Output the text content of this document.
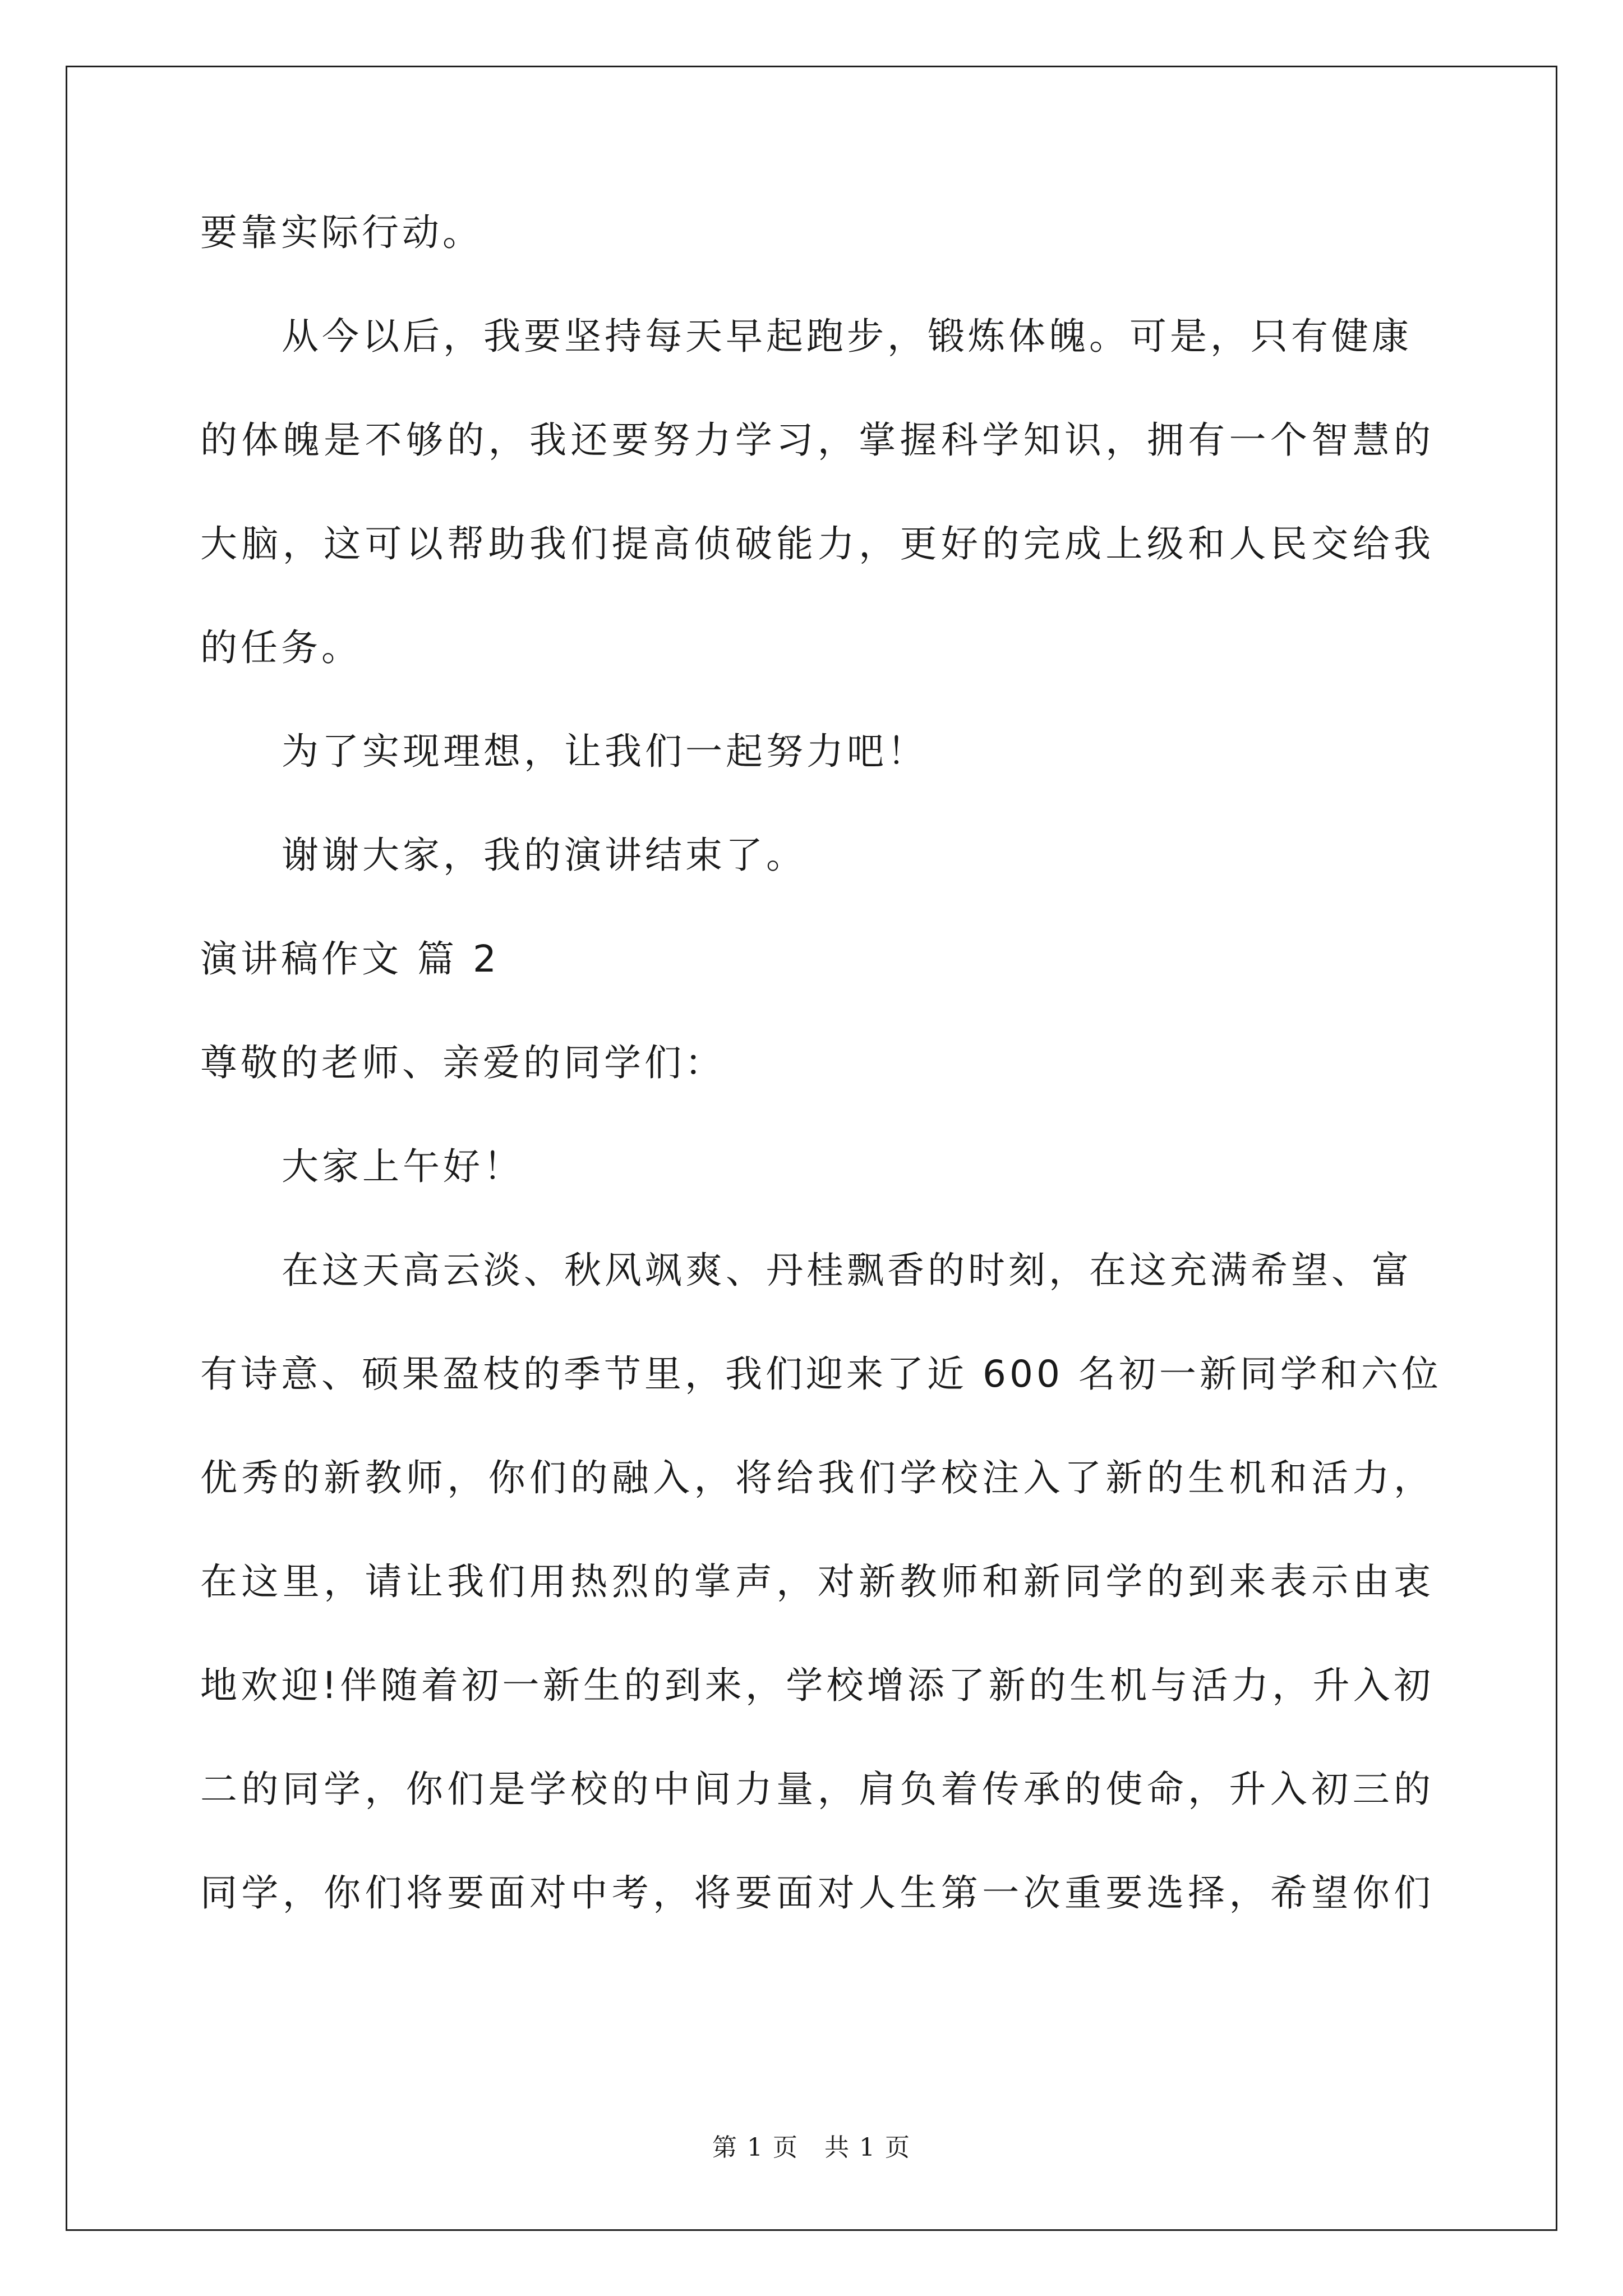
要靠实际行动。
从今以后，我要坚持每天早起跑步，锻炼体魄。可是，只有健康
的体魄是不够的，我还要努力学习，掌握科学知识，拥有一个智慧的
大脑，这可以帮助我们提高侦破能力，更好的完成上级和人民交给我
的任务。
为了实现理想，让我们一起努力吧！
谢谢大家，我的演讲结束了。
演讲稿作文 篇 2
尊敬的老师、亲爱的同学们：
大家上午好！
在这天高云淡、秋风飒爽、丹桂飘香的时刻，在这充满希望、富
有诗意、硕果盈枝的季节里，我们迎来了近 600 名初一新同学和六位
优秀的新教师，你们的融入，将给我们学校注入了新的生机和活力，
在这里，请让我们用热烈的掌声，对新教师和新同学的到来表示由衷
地欢迎!伴随着初一新生的到来，学校增添了新的生机与活力，升入初
二的同学，你们是学校的中间力量，肩负着传承的使命，升入初三的
同学，你们将要面对中考，将要面对人生第一次重要选择，希望你们
第 1 页　共 1 页
